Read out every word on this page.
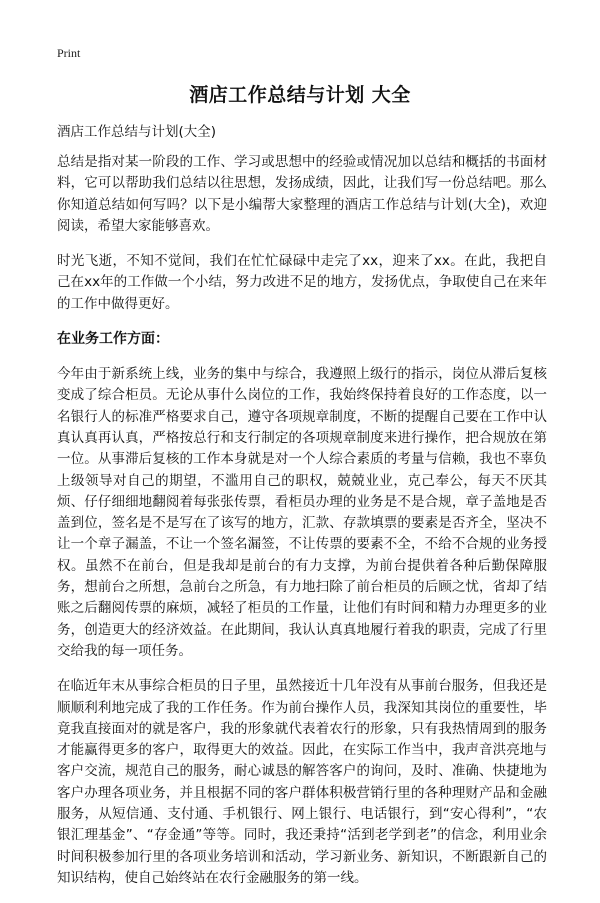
Print
酒店工作总结与计划 大全

酒店工作总结与计划(大全)

总结是指对某一阶段的工作、学习或思想中的经验或情况加以总结和概括的书面材料，它可以帮助我们总结以往思想，发扬成绩，因此，让我们写一份总结吧。那么你知道总结如何写吗？以下是小编帮大家整理的酒店工作总结与计划(大全)，欢迎阅读，希望大家能够喜欢。

时光飞逝，不知不觉间，我们在忙忙碌碌中走完了xx，迎来了xx。在此，我把自己在xx年的工作做一个小结，努力改进不足的地方，发扬优点，争取使自己在来年的工作中做得更好。

在业务工作方面：

今年由于新系统上线，业务的集中与综合，我遵照上级行的指示，岗位从滞后复核变成了综合柜员。无论从事什么岗位的工作，我始终保持着良好的工作态度，以一名银行人的标准严格要求自己，遵守各项规章制度，不断的提醒自己要在工作中认真认真再认真，严格按总行和支行制定的各项规章制度来进行操作，把合规放在第一位。从事滞后复核的工作本身就是对一个人综合素质的考量与信赖，我也不辜负上级领导对自己的期望，不滥用自己的职权，兢兢业业，克己奉公，每天不厌其烦、仔仔细细地翻阅着每张张传票，看柜员办理的业务是不是合规，章子盖地是否盖到位，签名是不是写在了该写的地方，汇款、存款填票的要素是否齐全，坚决不让一个章子漏盖，不让一个签名漏签，不让传票的要素不全，不给不合规的业务授权。虽然不在前台，但是我却是前台的有力支撑，为前台提供着各种后勤保障服务，想前台之所想，急前台之所急，有力地扫除了前台柜员的后顾之忧，省却了结账之后翻阅传票的麻烦，减轻了柜员的工作量，让他们有时间和精力办理更多的业务，创造更大的经济效益。在此期间，我认认真真地履行着我的职责，完成了行里交给我的每一项任务。

在临近年末从事综合柜员的日子里，虽然接近十几年没有从事前台服务，但我还是顺顺利利地完成了我的工作任务。作为前台操作人员，我深知其岗位的重要性，毕竟我直接面对的就是客户，我的形象就代表着农行的形象，只有我热情周到的服务才能赢得更多的客户，取得更大的效益。因此，在实际工作当中，我声音洪亮地与客户交流，规范自己的服务，耐心诚恳的解答客户的询问，及时、准确、快捷地为客户办理各项业务，并且根据不同的客户群体积极营销行里的各种理财产品和金融服务，从短信通、支付通、手机银行、网上银行、电话银行，到“安心得利”，“农银汇理基金”、“存金通”等等。同时，我还秉持“活到老学到老”的信念，利用业余时间积极参加行里的各项业务培训和活动，学习新业务、新知识，不断跟新自己的知识结构，使自己始终站在农行金融服务的第一线。
